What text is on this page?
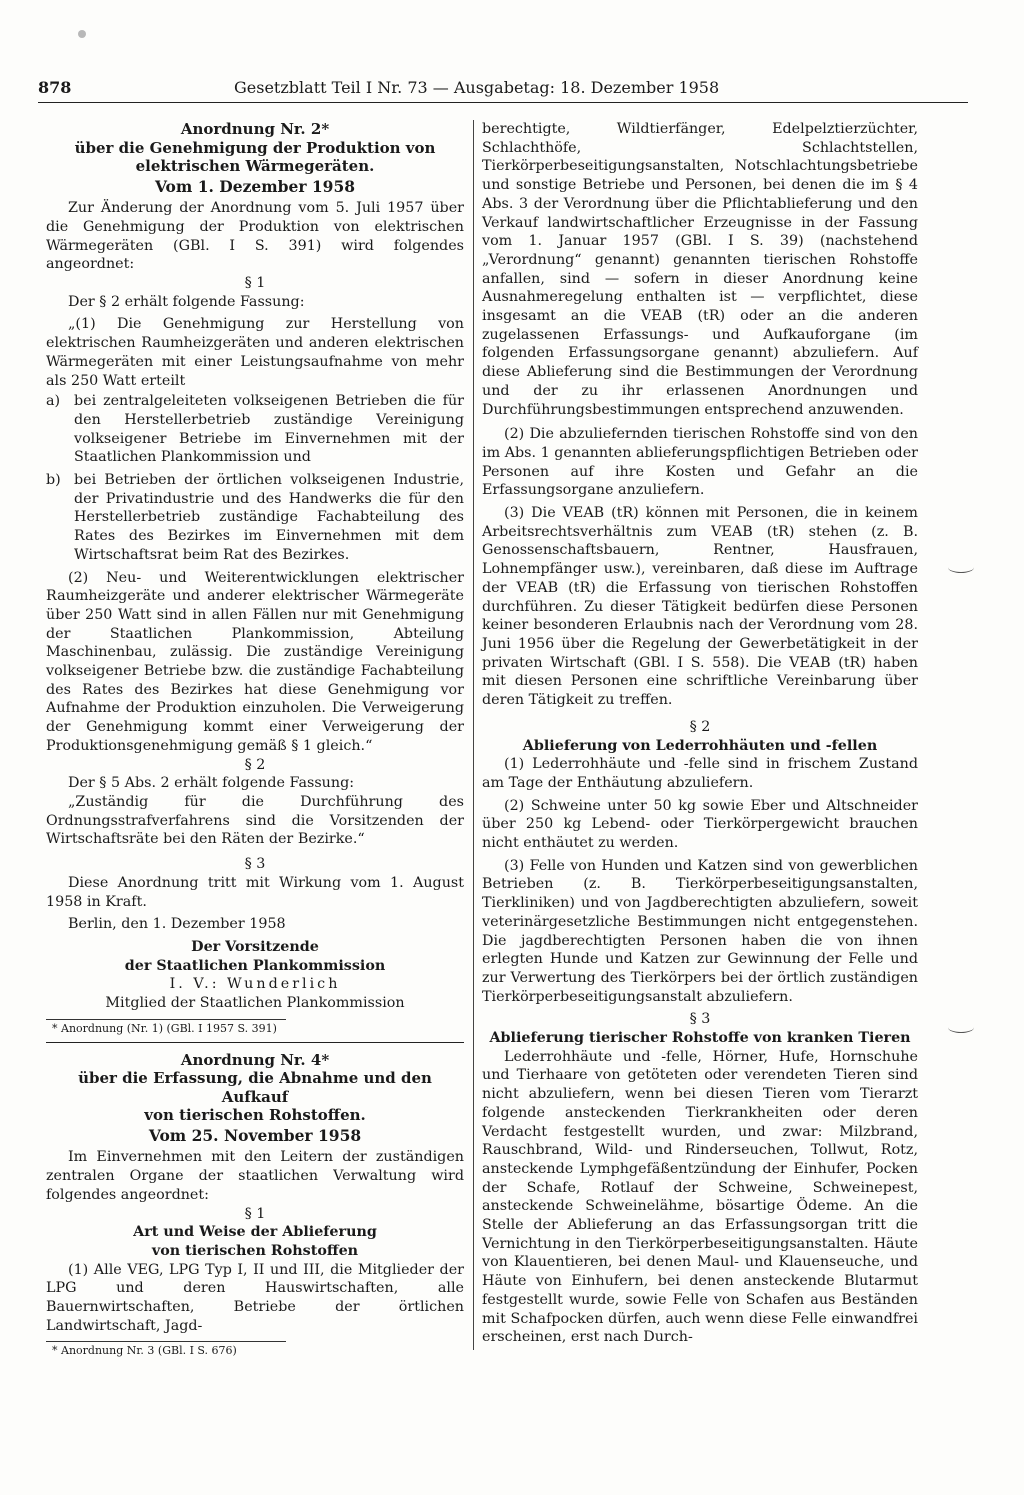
878	Gesetzblatt Teil I Nr. 73 — Ausgabetag: 18. Dezember 1958
Anordnung Nr. 2*
über die Genehmigung der Produktion von
elektrischen Wärmegeräten.
Vom 1. Dezember 1958

Zur Änderung der Anordnung vom 5. Juli 1957 über die Genehmigung der Produktion von elektrischen Wärmegeräten (GBl. I S. 391) wird folgendes angeordnet:

§ 1

Der § 2 erhält folgende Fassung:

„(1) Die Genehmigung zur Herstellung von elektrischen Raumheizgeräten und anderen elektrischen Wärmegeräten mit einer Leistungsaufnahme von mehr als 250 Watt erteilt

a) bei zentralgeleiteten volkseigenen Betrieben die für den Herstellerbetrieb zuständige Vereinigung volkseigener Betriebe im Einvernehmen mit der Staatlichen Plankommission und
b) bei Betrieben der örtlichen volkseigenen Industrie, der Privatindustrie und des Handwerks die für den Herstellerbetrieb zuständige Fachabteilung des Rates des Bezirkes im Einvernehmen mit dem Wirtschaftsrat beim Rat des Bezirkes.

(2) Neu- und Weiterentwicklungen elektrischer Raumheizgeräte und anderer elektrischer Wärmegeräte über 250 Watt sind in allen Fällen nur mit Genehmigung der Staatlichen Plankommission, Abteilung Maschinenbau, zulässig. Die zuständige Vereinigung volkseigener Betriebe bzw. die zuständige Fachabteilung des Rates des Bezirkes hat diese Genehmigung vor Aufnahme der Produktion einzuholen. Die Verweigerung der Genehmigung kommt einer Verweigerung der Produktionsgenehmigung gemäß § 1 gleich.“

§ 2

Der § 5 Abs. 2 erhält folgende Fassung:

„Zuständig für die Durchführung des Ordnungsstrafverfahrens sind die Vorsitzenden der Wirtschaftsräte bei den Räten der Bezirke.“

§ 3

Diese Anordnung tritt mit Wirkung vom 1. August 1958 in Kraft.

Berlin, den 1. Dezember 1958

Der Vorsitzende
der Staatlichen Plankommission
I. V.: Wunderlich
Mitglied der Staatlichen Plankommission
* Anordnung (Nr. 1) (GBl. I 1957 S. 391)
Anordnung Nr. 4*
über die Erfassung, die Abnahme und den Aufkauf
von tierischen Rohstoffen.
Vom 25. November 1958

Im Einvernehmen mit den Leitern der zuständigen zentralen Organe der staatlichen Verwaltung wird folgendes angeordnet:

§ 1
Art und Weise der Ablieferung
von tierischen Rohstoffen

(1) Alle VEG, LPG Typ I, II und III, die Mitglieder der LPG und deren Hauswirtschaften, alle Bauernwirtschaften, Betriebe der örtlichen Landwirtschaft, Jagd-

* Anordnung Nr. 3 (GBl. I S. 676)

berechtigte, Wildtierfänger, Edelpelztierzüchter, Schlachthöfe, Schlachtstellen, Tierkörperbeseitigungsanstalten, Notschlachtungsbetriebe und sonstige Betriebe und Personen, bei denen die im § 4 Abs. 3 der Verordnung über die Pflichtablieferung und den Verkauf landwirtschaftlicher Erzeugnisse in der Fassung vom 1. Januar 1957 (GBl. I S. 39) (nachstehend „Verordnung“ genannt) genannten tierischen Rohstoffe anfallen, sind — sofern in dieser Anordnung keine Ausnahmeregelung enthalten ist — verpflichtet, diese insgesamt an die VEAB (tR) oder an die anderen zugelassenen Erfassungs- und Aufkauforgane (im folgenden Erfassungsorgane genannt) abzuliefern. Auf diese Ablieferung sind die Bestimmungen der Verordnung und der zu ihr erlassenen Anordnungen und Durchführungsbestimmungen entsprechend anzuwenden.

(2) Die abzuliefernden tierischen Rohstoffe sind von den im Abs. 1 genannten ablieferungspflichtigen Betrieben oder Personen auf ihre Kosten und Gefahr an die Erfassungsorgane anzuliefern.

(3) Die VEAB (tR) können mit Personen, die in keinem Arbeitsrechtsverhältnis zum VEAB (tR) stehen (z. B. Genossenschaftsbauern, Rentner, Hausfrauen, Lohnempfänger usw.), vereinbaren, daß diese im Auftrage der VEAB (tR) die Erfassung von tierischen Rohstoffen durchführen. Zu dieser Tätigkeit bedürfen diese Personen keiner besonderen Erlaubnis nach der Verordnung vom 28. Juni 1956 über die Regelung der Gewerbetätigkeit in der privaten Wirtschaft (GBl. I S. 558). Die VEAB (tR) haben mit diesen Personen eine schriftliche Vereinbarung über deren Tätigkeit zu treffen.

§ 2
Ablieferung von Lederrohhäuten und -fellen

(1) Lederrohhäute und -felle sind in frischem Zustand am Tage der Enthäutung abzuliefern.

(2) Schweine unter 50 kg sowie Eber und Altschneider über 250 kg Lebend- oder Tierkörpergewicht brauchen nicht enthäutet zu werden.

(3) Felle von Hunden und Katzen sind von gewerblichen Betrieben (z. B. Tierkörperbeseitigungsanstalten, Tierkliniken) und von Jagdberechtigten abzuliefern, soweit veterinärgesetzliche Bestimmungen nicht entgegenstehen. Die jagdberechtigten Personen haben die von ihnen erlegten Hunde und Katzen zur Gewinnung der Felle und zur Verwertung des Tierkörpers bei der örtlich zuständigen Tierkörperbeseitigungsanstalt abzuliefern.

§ 3
Ablieferung tierischer Rohstoffe von kranken Tieren

Lederrohhäute und -felle, Hörner, Hufe, Hornschuhe und Tierhaare von getöteten oder verendeten Tieren sind nicht abzuliefern, wenn bei diesen Tieren vom Tierarzt folgende ansteckenden Tierkrankheiten oder deren Verdacht festgestellt wurden, und zwar: Milzbrand, Rauschbrand, Wild- und Rinderseuchen, Tollwut, Rotz, ansteckende Lymphgefäßentzündung der Einhufer, Pocken der Schafe, Rotlauf der Schweine, Schweinepest, ansteckende Schweinelähme, bösartige Ödeme. An die Stelle der Ablieferung an das Erfassungsorgan tritt die Vernichtung in den Tierkörperbeseitigungsanstalten. Häute von Klauentieren, bei denen Maul- und Klauenseuche, und Häute von Einhufern, bei denen ansteckende Blutarmut festgestellt wurde, sowie Felle von Schafen aus Beständen mit Schafpocken dürfen, auch wenn diese Felle einwandfrei erscheinen, erst nach Durch-
